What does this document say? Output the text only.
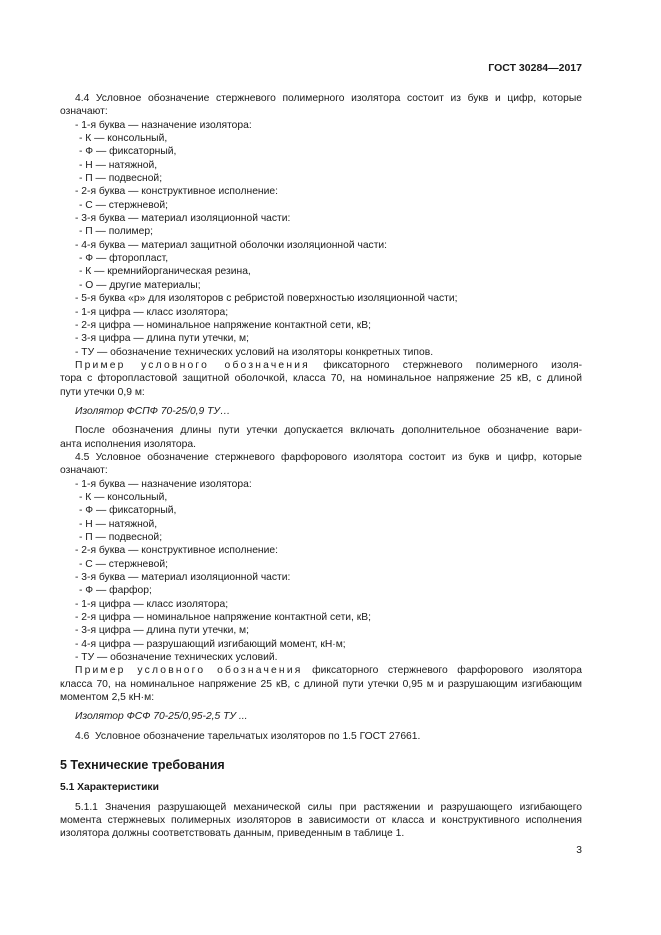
ГОСТ 30284—2017
4.4 Условное обозначение стержневого полимерного изолятора состоит из букв и цифр, которые
означают:
- 1-я буква — назначение изолятора:
- К — консольный,
- Ф — фиксаторный,
- Н — натяжной,
- П — подвесной;
- 2-я буква — конструктивное исполнение:
- С — стержневой;
- 3-я буква — материал изоляционной части:
- П — полимер;
- 4-я буква — материал защитной оболочки изоляционной части:
- Ф — фторопласт,
- К — кремнийорганическая резина,
- О — другие материалы;
- 5-я буква «р» для изоляторов с ребристой поверхностью изоляционной части;
- 1-я цифра — класс изолятора;
- 2-я цифра — номинальное напряжение контактной сети, кВ;
- 3-я цифра — длина пути утечки, м;
- ТУ — обозначение технических условий на изоляторы конкретных типов.
Пример условного обозначения фиксаторного стержневого полимерного изоля-
тора с фторопластовой защитной оболочкой, класса 70, на номинальное напряжение 25 кВ, с длиной
пути утечки 0,9 м:
Изолятор ФСПФ 70-25/0,9 ТУ…
После обозначения длины пути утечки допускается включать дополнительное обозначение вари-
анта исполнения изолятора.
4.5 Условное обозначение стержневого фарфорового изолятора состоит из букв и цифр, которые
означают:
- 1-я буква — назначение изолятора:
- К — консольный,
- Ф — фиксаторный,
- Н — натяжной,
- П — подвесной;
- 2-я буква — конструктивное исполнение:
- С — стержневой;
- 3-я буква — материал изоляционной части:
- Ф — фарфор;
- 1-я цифра — класс изолятора;
- 2-я цифра — номинальное напряжение контактной сети, кВ;
- 3-я цифра — длина пути утечки, м;
- 4-я цифра — разрушающий изгибающий момент, кН·м;
- ТУ — обозначение технических условий.
Пример условного обозначения фиксаторного стержневого фарфорового изолятора
класса 70, на номинальное напряжение 25 кВ, с длиной пути утечки 0,95 м и разрушающим изгибающим
моментом 2,5 кН·м:
Изолятор ФСФ 70-25/0,95-2,5 ТУ ...
4.6  Условное обозначение тарельчатых изоляторов по 1.5 ГОСТ 27661.
5 Технические требования
5.1 Характеристики
5.1.1 Значения разрушающей механической силы при растяжении и разрушающего изгибающего
момента стержневых полимерных изоляторов в зависимости от класса и конструктивного исполнения
изолятора должны соответствовать данным, приведенным в таблице 1.
3
